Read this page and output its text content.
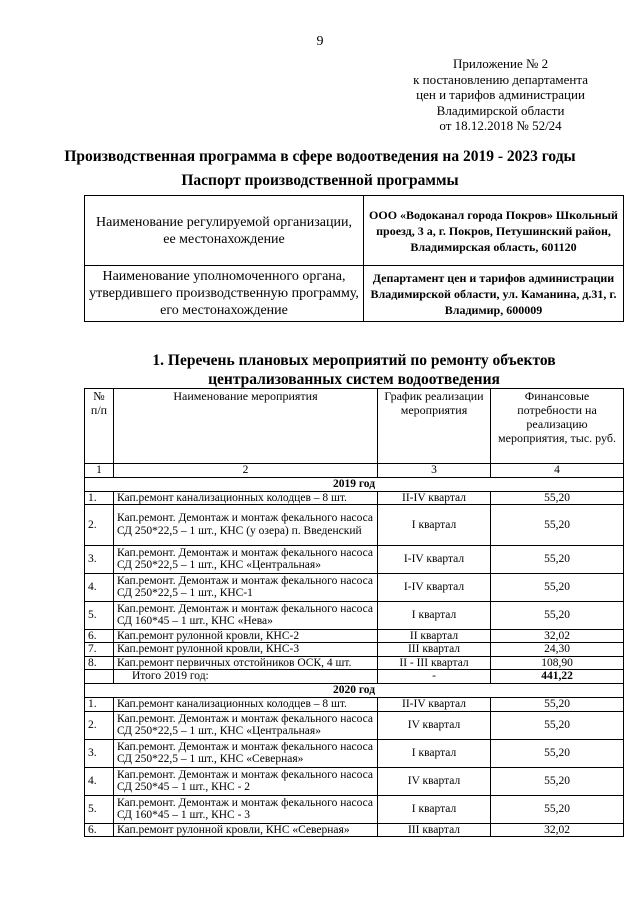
9
Приложение № 2
к постановлению департамента
цен и тарифов администрации
Владимирской области
от 18.12.2018 № 52/24
Производственная программа в сфере водоотведения на 2019 - 2023 годы
Паспорт производственной программы
Наименование регулируемой организации, ее местонахождение	ООО «Водоканал города Покров» Школьный проезд, 3 а, г. Покров, Петушинский район, Владимирская область, 601120
Наименование уполномоченного органа, утвердившего производственную программу, его местонахождение	Департамент цен и тарифов администрации Владимирской области, ул. Каманина, д.31, г. Владимир, 600009
1. Перечень плановых мероприятий по ремонту объектов централизованных систем водоотведения
№ п/п	Наименование мероприятия	График реализации мероприятия	Финансовые потребности на реализацию мероприятия, тыс. руб.
1	2	3	4
2019 год			
1.	Кап.ремонт канализационных колодцев – 8 шт.	II-IV квартал	55,20
2.	Кап.ремонт. Демонтаж и монтаж фекального насоса СД 250*22,5 – 1 шт., КНС (у озера) п. Введенский	I квартал	55,20
3.	Кап.ремонт. Демонтаж и монтаж фекального насоса СД 250*22,5 – 1 шт., КНС «Центральная»	I-IV квартал	55,20
4.	Кап.ремонт. Демонтаж и монтаж фекального насоса СД 250*22,5 – 1 шт., КНС-1	I-IV квартал	55,20
5.	Кап.ремонт. Демонтаж и монтаж фекального насоса СД 160*45 – 1 шт., КНС «Нева»	I квартал	55,20
6.	Кап.ремонт рулонной кровли, КНС-2	II квартал	32,02
7.	Кап.ремонт рулонной кровли, КНС-3	III квартал	24,30
8.	Кап.ремонт первичных отстойников ОСК, 4 шт.	II - III квартал	108,90
	Итого 2019 год:	-	441,22
2020 год			
1.	Кап.ремонт канализационных колодцев – 8 шт.	II-IV квартал	55,20
2.	Кап.ремонт. Демонтаж и монтаж фекального насоса СД 250*22,5 – 1 шт., КНС «Центральная»	IV квартал	55,20
3.	Кап.ремонт. Демонтаж и монтаж фекального насоса СД 250*22,5 – 1 шт., КНС «Северная»	I квартал	55,20
4.	Кап.ремонт. Демонтаж и монтаж фекального насоса СД 250*45 – 1 шт., КНС - 2	IV квартал	55,20
5.	Кап.ремонт. Демонтаж и монтаж фекального насоса СД 160*45 – 1 шт., КНС - 3	I квартал	55,20
6.	Кап.ремонт рулонной кровли, КНС «Северная»	III квартал	32,02
